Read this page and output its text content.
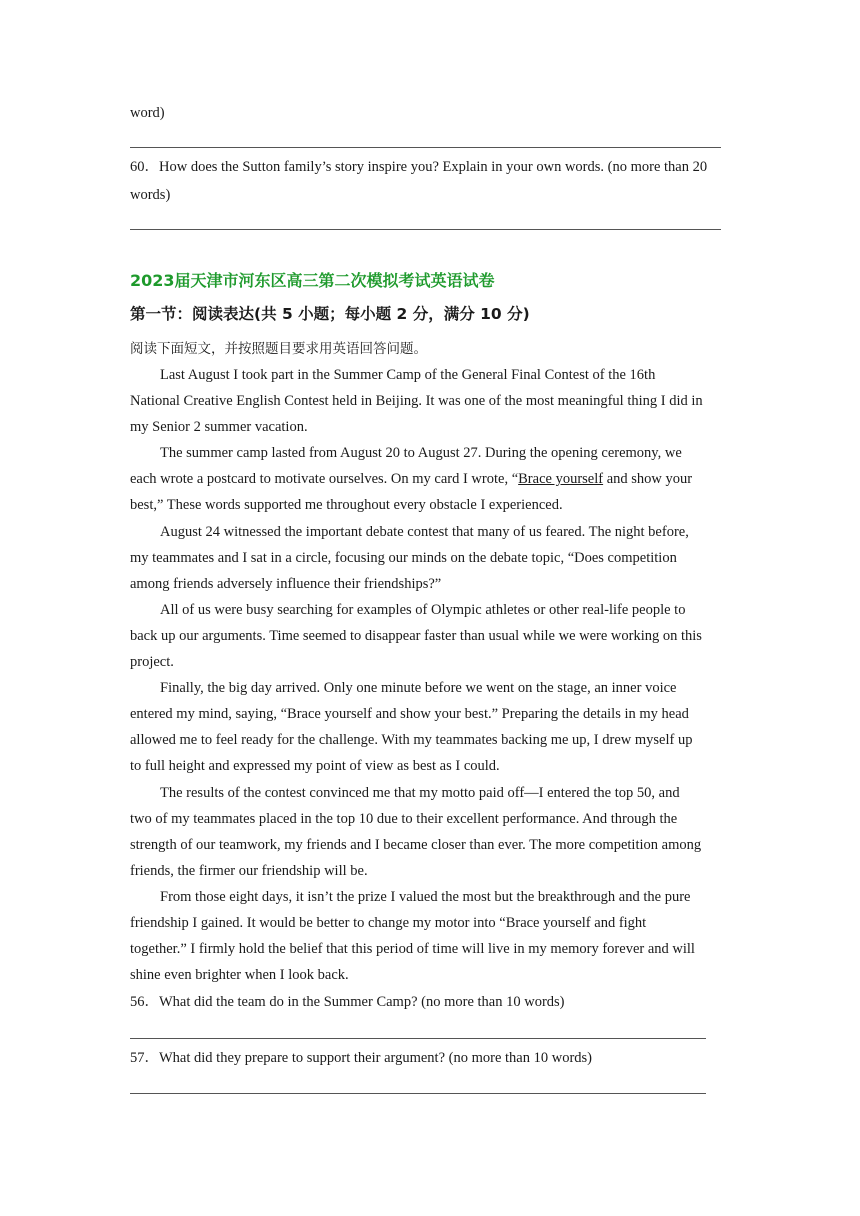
word)
60．How does the Sutton family’s story inspire you? Explain in your own words. (no more than 20
words)
2023届天津市河东区高三第二次模拟考试英语试卷
第一节：阅读表达(共 5 小题；每小题 2 分，满分 10 分)
阅读下面短文，并按照题目要求用英语回答问题。
Last August I took part in the Summer Camp of the General Final Contest of the 16th
National Creative English Contest held in Beijing. It was one of the most meaningful thing I did in
my Senior 2 summer vacation.
The summer camp lasted from August 20 to August 27. During the opening ceremony, we
each wrote a postcard to motivate ourselves. On my card I wrote, “Brace yourself and show your
best,” These words supported me throughout every obstacle I experienced.
August 24 witnessed the important debate contest that many of us feared. The night before,
my teammates and I sat in a circle, focusing our minds on the debate topic, “Does competition
among friends adversely influence their friendships?”
All of us were busy searching for examples of Olympic athletes or other real-life people to
back up our arguments. Time seemed to disappear faster than usual while we were working on this
project.
Finally, the big day arrived. Only one minute before we went on the stage, an inner voice
entered my mind, saying, “Brace yourself and show your best.” Preparing the details in my head
allowed me to feel ready for the challenge. With my teammates backing me up, I drew myself up
to full height and expressed my point of view as best as I could.
The results of the contest convinced me that my motto paid off—I entered the top 50, and
two of my teammates placed in the top 10 due to their excellent performance. And through the
strength of our teamwork, my friends and I became closer than ever. The more competition among
friends, the firmer our friendship will be.
From those eight days, it isn’t the prize I valued the most but the breakthrough and the pure
friendship I gained. It would be better to change my motor into “Brace yourself and fight
together.” I firmly hold the belief that this period of time will live in my memory forever and will
shine even brighter when I look back.
56．What did the team do in the Summer Camp? (no more than 10 words)
57．What did they prepare to support their argument? (no more than 10 words)
